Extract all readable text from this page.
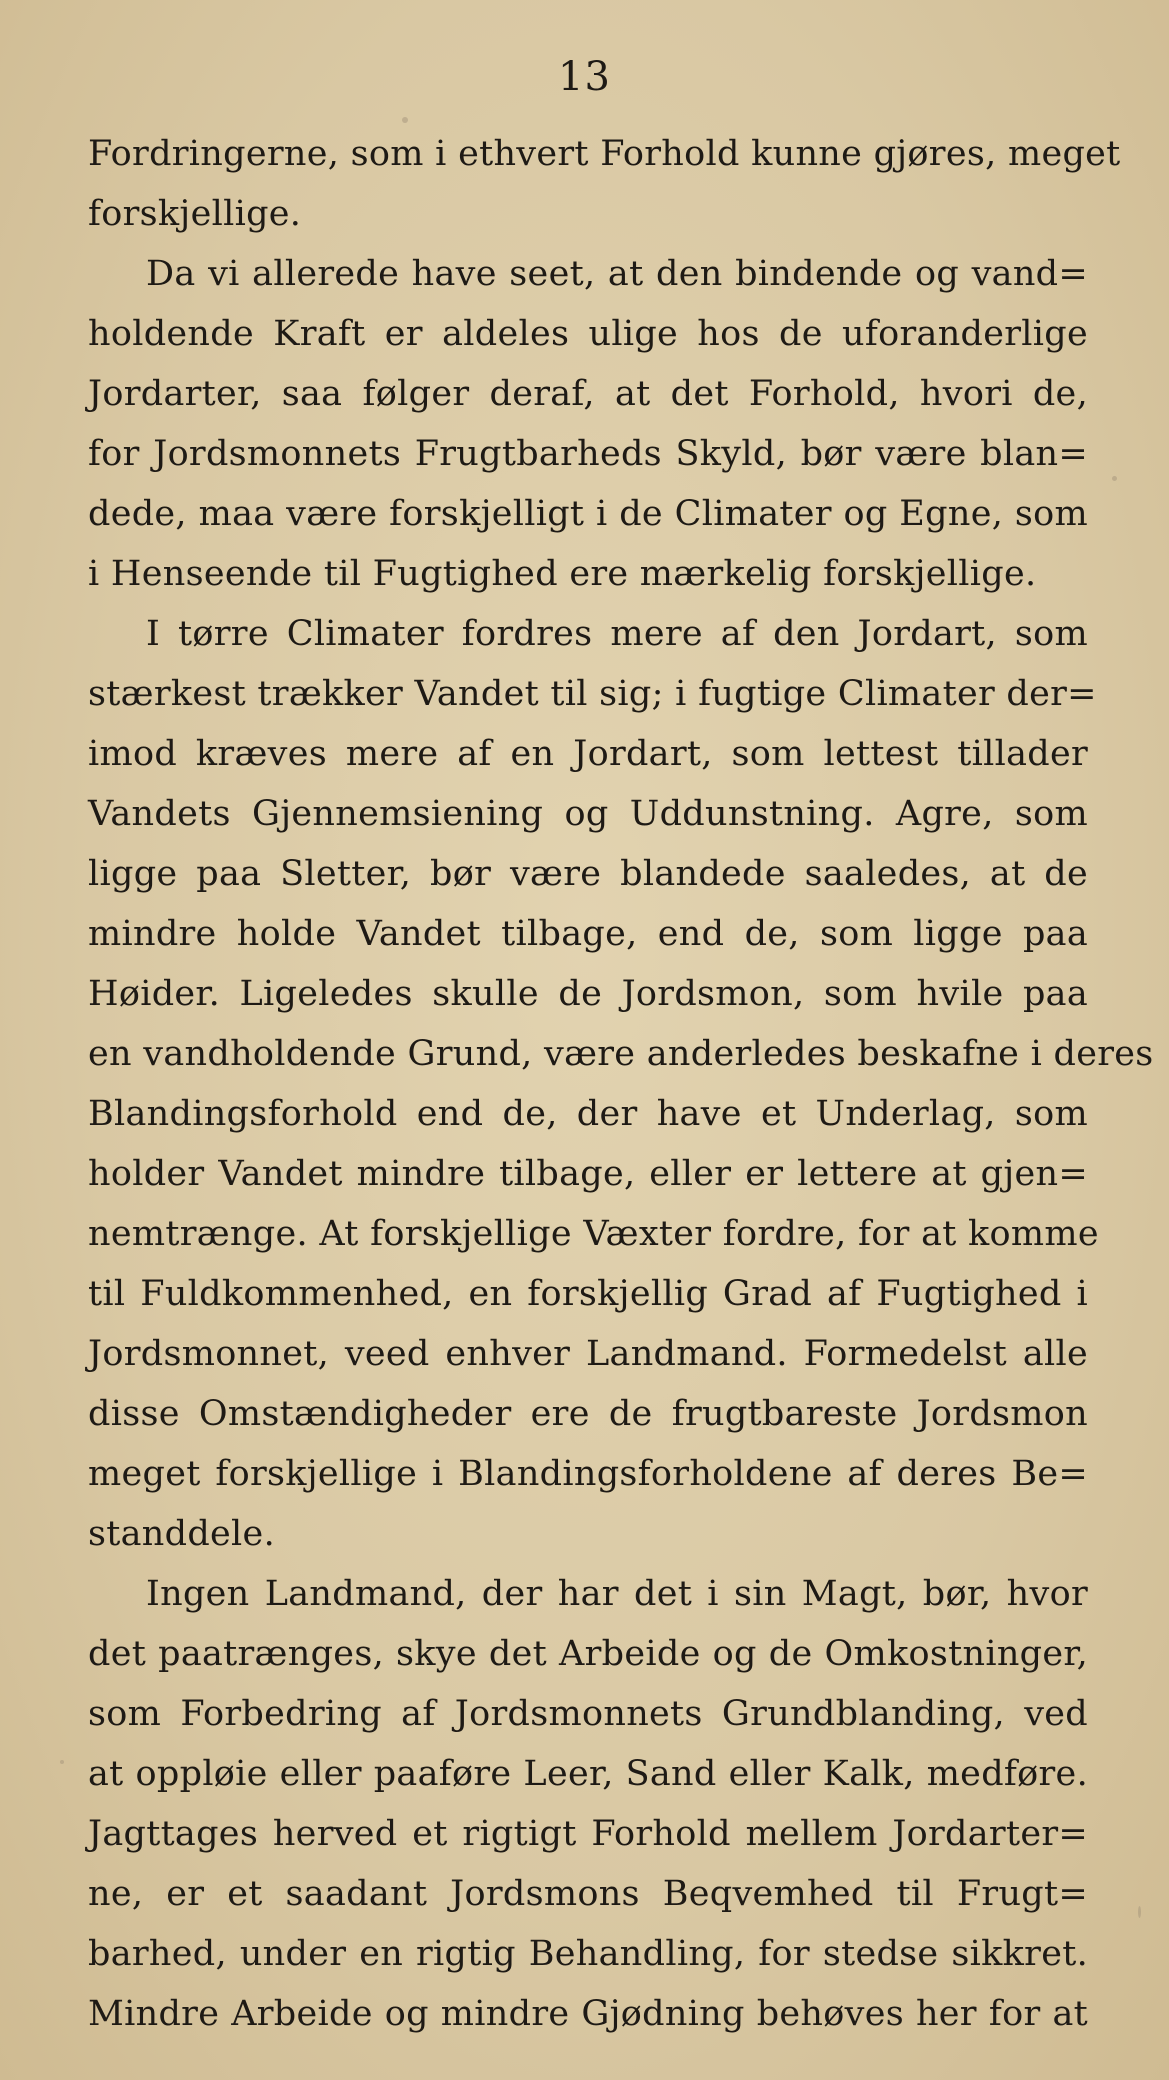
13
Fordringerne, som i ethvert Forhold kunne gjøres, meget
forskjellige.
Da vi allerede have seet, at den bindende og vand=
holdende Kraft er aldeles ulige hos de uforanderlige
Jordarter, saa følger deraf, at det Forhold, hvori de,
for Jordsmonnets Frugtbarheds Skyld, bør være blan=
dede, maa være forskjelligt i de Climater og Egne, som
i Henseende til Fugtighed ere mærkelig forskjellige.
I tørre Climater fordres mere af den Jordart, som
stærkest trækker Vandet til sig; i fugtige Climater der=
imod kræves mere af en Jordart, som lettest tillader
Vandets Gjennemsiening og Uddunstning. Agre, som
ligge paa Sletter, bør være blandede saaledes, at de
mindre holde Vandet tilbage, end de, som ligge paa
Høider. Ligeledes skulle de Jordsmon, som hvile paa
en vandholdende Grund, være anderledes beskafne i deres
Blandingsforhold end de, der have et Underlag, som
holder Vandet mindre tilbage, eller er lettere at gjen=
nemtrænge. At forskjellige Væxter fordre, for at komme
til Fuldkommenhed, en forskjellig Grad af Fugtighed i
Jordsmonnet, veed enhver Landmand. Formedelst alle
disse Omstændigheder ere de frugtbareste Jordsmon
meget forskjellige i Blandingsforholdene af deres Be=
standdele.
Ingen Landmand, der har det i sin Magt, bør, hvor
det paatrænges, skye det Arbeide og de Omkostninger,
som Forbedring af Jordsmonnets Grundblanding, ved
at oppløie eller paaføre Leer, Sand eller Kalk, medføre.
Jagttages herved et rigtigt Forhold mellem Jordarter=
ne, er et saadant Jordsmons Beqvemhed til Frugt=
barhed, under en rigtig Behandling, for stedse sikkret.
Mindre Arbeide og mindre Gjødning behøves her for at
